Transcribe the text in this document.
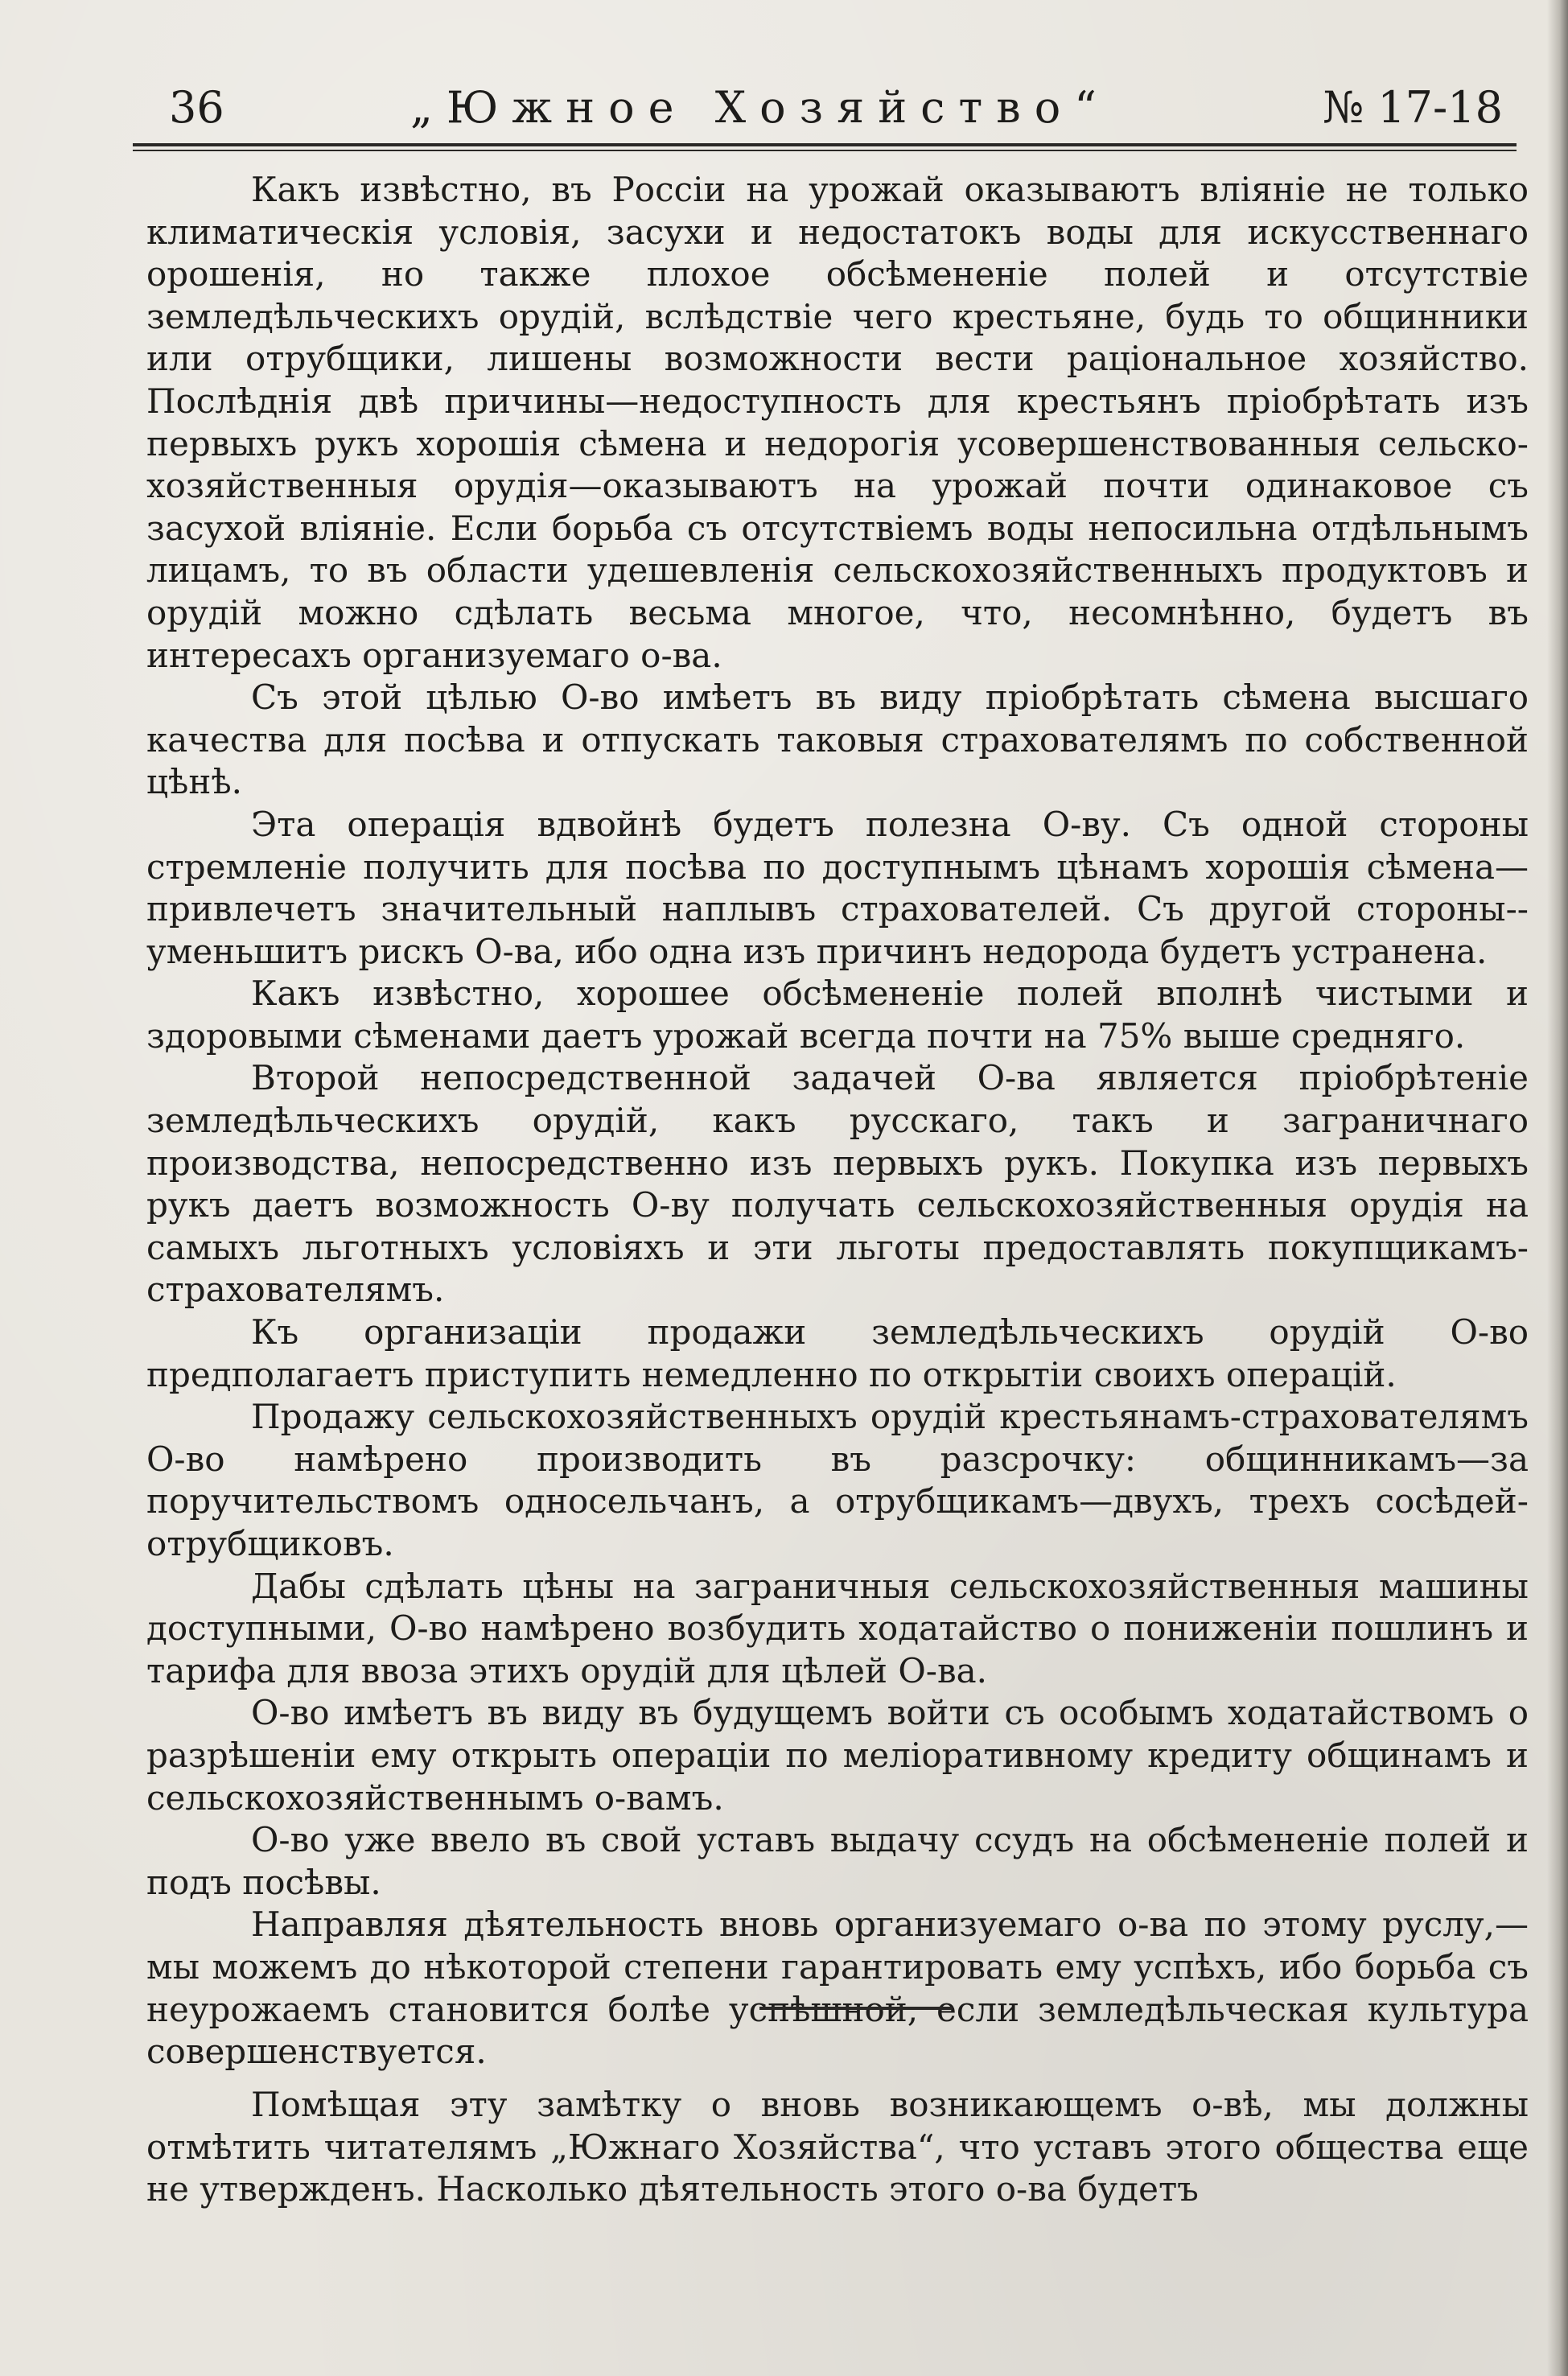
36	„Южное Хозяйство“	№ 17-18

Какъ извѣстно, въ Россіи на урожай оказываютъ вліяніе не только климатическія условія, засухи и недостатокъ воды для искусственнаго орошенія, но также плохое обсѣмененіе полей и отсутствіе земледѣльческихъ орудій, вслѣдствіе чего крестьяне, будь то общинники или отрубщики, лишены возможности вести раціональное хозяйство. Послѣднія двѣ причины—недоступность для крестьянъ пріобрѣтать изъ первыхъ рукъ хорошія сѣмена и недорогія усовершенствованныя сельско-хозяйственныя орудія—оказываютъ на урожай почти одинаковое съ засухой вліяніе. Если борьба съ отсутствіемъ воды непосильна отдѣльнымъ лицамъ, то въ области удешевленія сельскохозяйственныхъ продуктовъ и орудій можно сдѣлать весьма многое, что, несомнѣнно, будетъ въ интересахъ организуемаго о-ва.

Съ этой цѣлью О-во имѣетъ въ виду пріобрѣтать сѣмена высшаго качества для посѣва и отпускать таковыя страхователямъ по собственной цѣнѣ.

Эта операція вдвойнѣ будетъ полезна О-ву. Съ одной стороны стремленіе получить для посѣва по доступнымъ цѣнамъ хорошія сѣмена—привлечетъ значительный наплывъ страхователей. Съ другой стороны--уменьшитъ рискъ О-ва, ибо одна изъ причинъ недорода будетъ устранена.

Какъ извѣстно, хорошее обсѣмененіе полей вполнѣ чистыми и здоровыми сѣменами даетъ урожай всегда почти на 75% выше средняго.

Второй непосредственной задачей О-ва является пріобрѣтеніе земледѣльческихъ орудій, какъ русскаго, такъ и заграничнаго производства, непосредственно изъ первыхъ рукъ. Покупка изъ первыхъ рукъ даетъ возможность О-ву получать сельскохозяйственныя орудія на самыхъ льготныхъ условіяхъ и эти льготы предоставлять покупщикамъ-страхователямъ.

Къ организаціи продажи земледѣльческихъ орудій О-во предполагаетъ приступить немедленно по открытіи своихъ операцій.

Продажу сельскохозяйственныхъ орудій крестьянамъ-страхователямъ О-во намѣрено производить въ разсрочку: общинникамъ—за поручительствомъ односельчанъ, а отрубщикамъ—двухъ, трехъ сосѣдей-отрубщиковъ.

Дабы сдѣлать цѣны на заграничныя сельскохозяйственныя машины доступными, О-во намѣрено возбудить ходатайство о пониженіи пошлинъ и тарифа для ввоза этихъ орудій для цѣлей О-ва.

О-во имѣетъ въ виду въ будущемъ войти съ особымъ ходатайствомъ о разрѣшеніи ему открыть операціи по меліоративному кредиту общинамъ и сельскохозяйственнымъ о-вамъ.

О-во уже ввело въ свой уставъ выдачу ссудъ на обсѣмененіе полей и подъ посѣвы.

Направляя дѣятельность вновь организуемаго о-ва по этому руслу,—мы можемъ до нѣкоторой степени гарантировать ему успѣхъ, ибо борьба съ неурожаемъ становится болѣе успѣшной, если земледѣльческая культура совершенствуется.

Помѣщая эту замѣтку о вновь возникающемъ о-вѣ, мы должны отмѣтить читателямъ „Южнаго Хозяйства“, что уставъ этого общества еще не утвержденъ. Насколько дѣятельность этого о-ва будетъ
